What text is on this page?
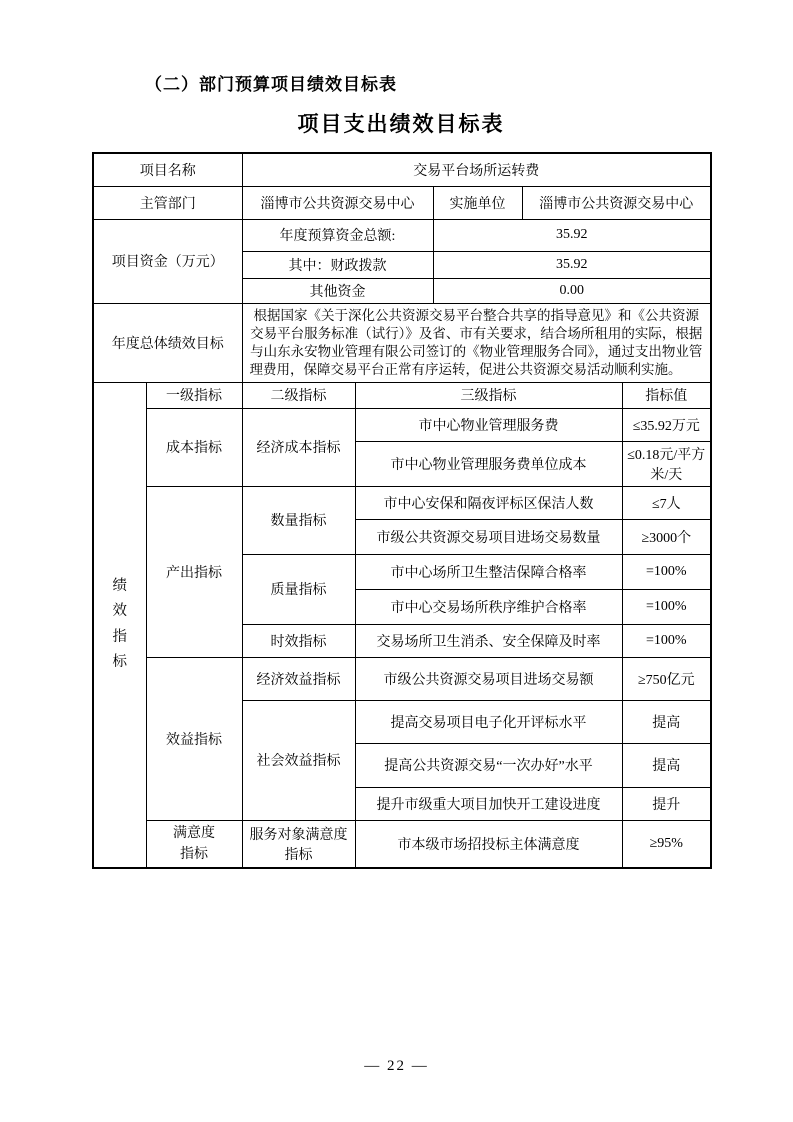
（二）部门预算项目绩效目标表
项目支出绩效目标表
项目名称		交易平台场所运转费				
主管部门		淄博市公共资源交易中心		实施单位	淄博市公共资源交易中心	
项目资金（万元）		年度预算资金总额:		35.92		
		其中：财政拨款		35.92		
		其他资金		0.00		
年度总体绩效目标		根据国家《关于深化公共资源交易平台整合共享的指导意见》和《公共资源交易平台服务标准（试行）》及省、市有关要求，结合场所租用的实际，根据与山东永安物业管理有限公司签订的《物业管理服务合同》，通过支出物业管理费用，保障交易平台正常有序运转，促进公共资源交易活动顺利实施。				

绩效指标	一级指标	二级指标	三级指标			指标值
	成本指标	经济成本指标	市中心物业管理服务费			≤35.92万元
			市中心物业管理服务费单位成本			≤0.18元/平方米/天
	产出指标	数量指标	市中心安保和隔夜评标区保洁人数			≤7人
			市级公共资源交易项目进场交易数量			≥3000个
		质量指标	市中心场所卫生整洁保障合格率			=100%
			市中心交易场所秩序维护合格率			=100%
		时效指标	交易场所卫生消杀、安全保障及时率			=100%
	效益指标	经济效益指标	市级公共资源交易项目进场交易额			≥750亿元
		社会效益指标	提高交易项目电子化开评标水平			提高
			提高公共资源交易“一次办好”水平			提高
			提升市级重大项目加快开工建设进度			提升
	满意度指标	服务对象满意度指标	市本级市场招投标主体满意度			≥95%
— 22 —
